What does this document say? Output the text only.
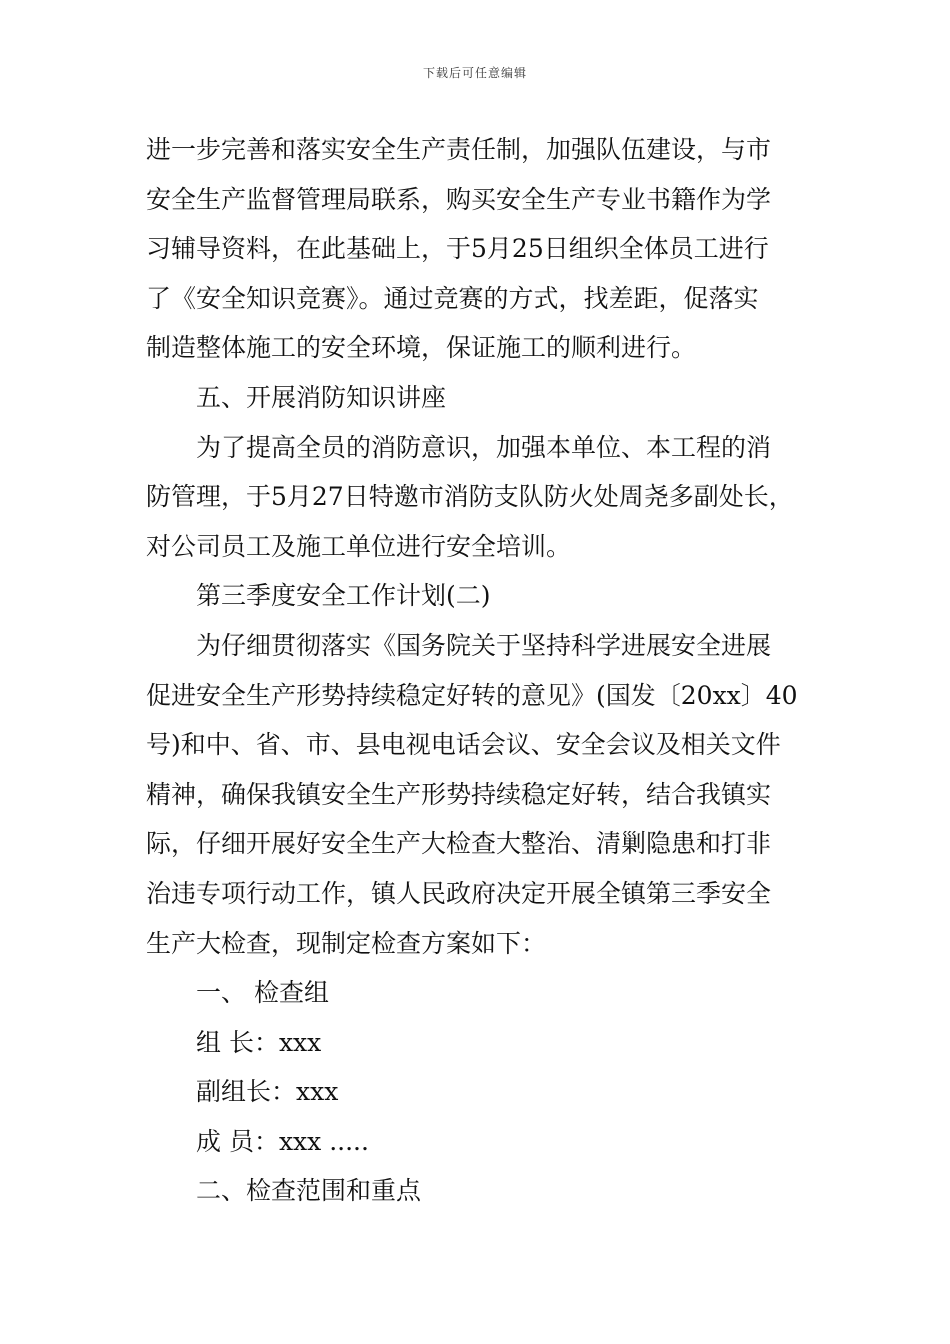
下载后可任意编辑
进一步完善和落实安全生产责任制，加强队伍建设，与市
安全生产监督管理局联系，购买安全生产专业书籍作为学
习辅导资料，在此基础上，于5月25日组织全体员工进行
了《安全知识竞赛》。通过竞赛的方式，找差距，促落实
制造整体施工的安全环境，保证施工的顺利进行。
五、开展消防知识讲座
为了提高全员的消防意识，加强本单位、本工程的消
防管理，于5月27日特邀市消防支队防火处周尧多副处长，
对公司员工及施工单位进行安全培训。
第三季度安全工作计划(二)
为仔细贯彻落实《国务院关于坚持科学进展安全进展
促进安全生产形势持续稳定好转的意见》(国发〔20xx〕40
号)和中、省、市、县电视电话会议、安全会议及相关文件
精神，确保我镇安全生产形势持续稳定好转，结合我镇实
际，仔细开展好安全生产大检查大整治、清剿隐患和打非
治违专项行动工作，镇人民政府决定开展全镇第三季安全
生产大检查，现制定检查方案如下：
一、 检查组
组 长：xxx
副组长：xxx
成 员：xxx .....
二、检查范围和重点
